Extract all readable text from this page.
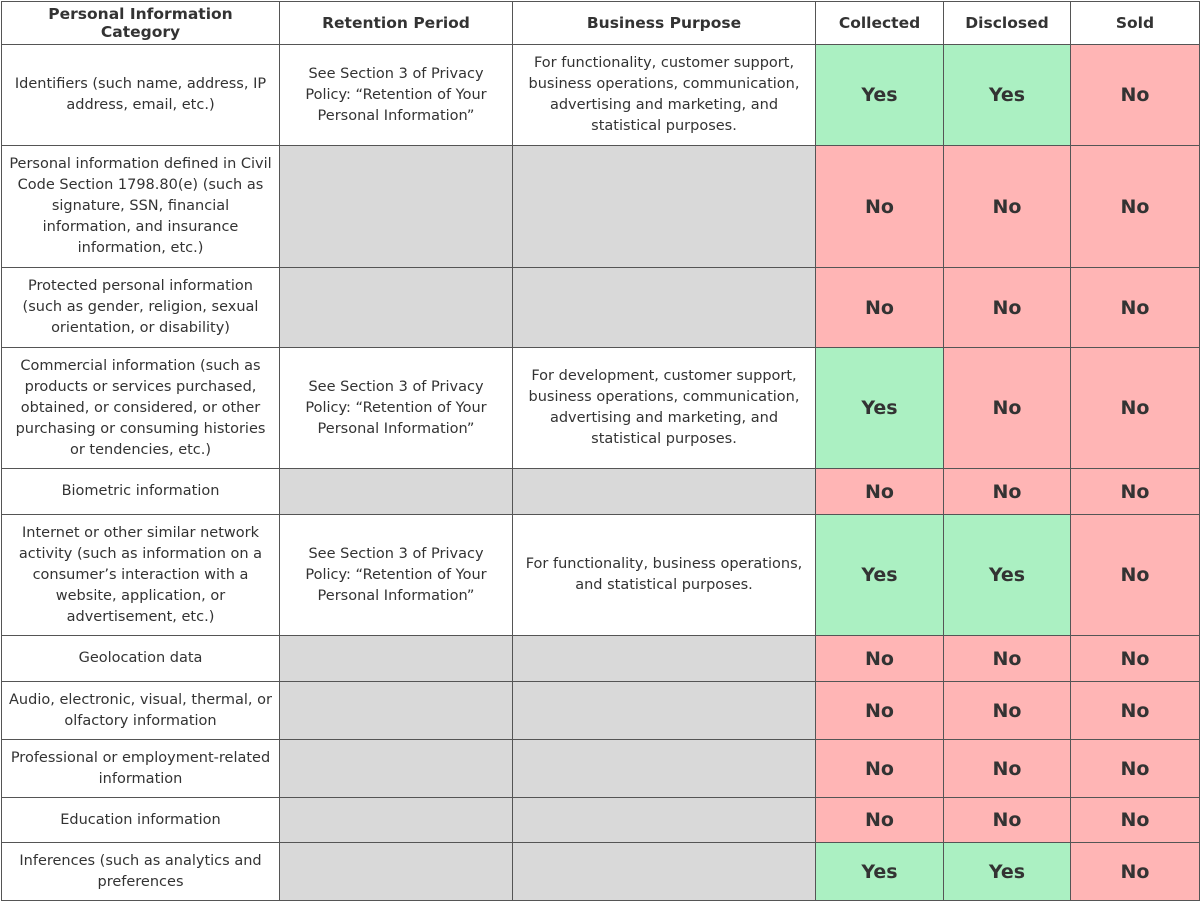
Personal Information Category	Retention Period	Business Purpose	Collected	Disclosed	Sold
Identifiers (such name, address, IP address, email, etc.)	See Section 3 of Privacy Policy: “Retention of Your Personal Information”	For functionality, customer support, business operations, communication, advertising and marketing, and statistical purposes.	Yes	Yes	No
Personal information defined in Civil Code Section 1798.80(e) (such as signature, SSN, financial information, and insurance information, etc.)			No	No	No
Protected personal information (such as gender, religion, sexual orientation, or disability)			No	No	No
Commercial information (such as products or services purchased, obtained, or considered, or other purchasing or consuming histories or tendencies, etc.)	See Section 3 of Privacy Policy: “Retention of Your Personal Information”	For development, customer support, business operations, communication, advertising and marketing, and statistical purposes.	Yes	No	No
Biometric information			No	No	No
Internet or other similar network activity (such as information on a consumer’s interaction with a website, application, or advertisement, etc.)	See Section 3 of Privacy Policy: “Retention of Your Personal Information”	For functionality, business operations, and statistical purposes.	Yes	Yes	No
Geolocation data			No	No	No
Audio, electronic, visual, thermal, or olfactory information			No	No	No
Professional or employment-related information			No	No	No
Education information			No	No	No
Inferences (such as analytics and preferences			Yes	Yes	No
